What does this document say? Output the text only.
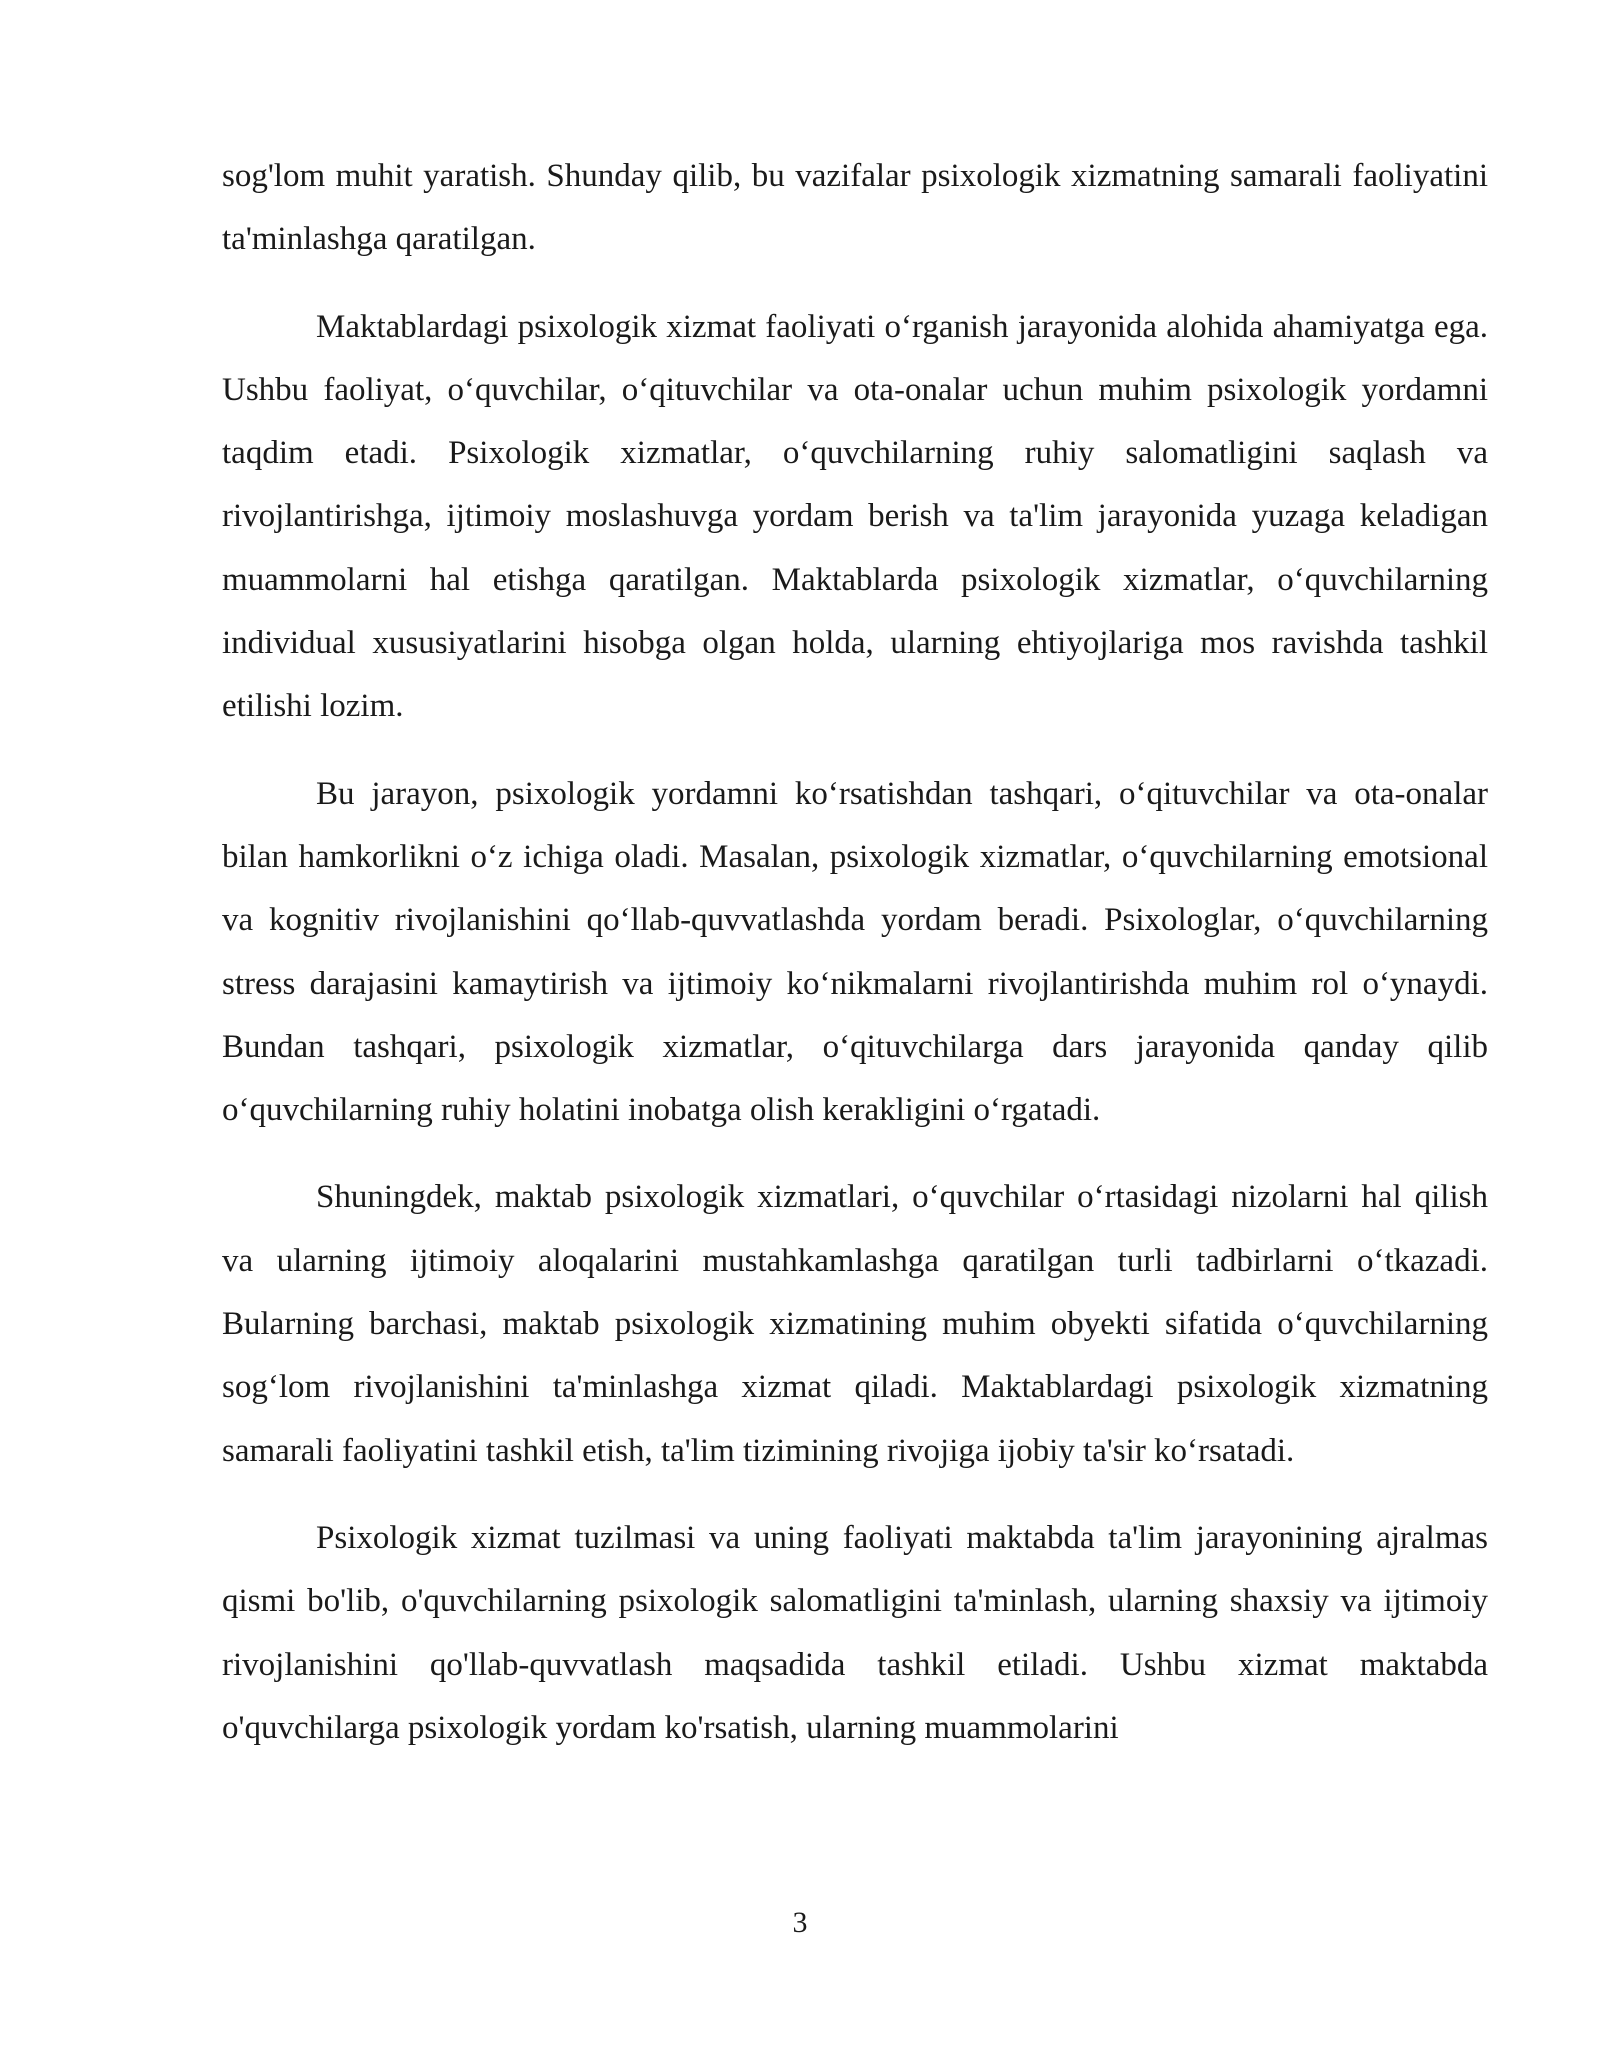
sog'lom muhit yaratish. Shunday qilib, bu vazifalar psixologik xizmatning samarali faoliyatini ta'minlashga qaratilgan.

Maktablardagi psixologik xizmat faoliyati o‘rganish jarayonida alohida ahamiyatga ega. Ushbu faoliyat, o‘quvchilar, o‘qituvchilar va ota-onalar uchun muhim psixologik yordamni taqdim etadi. Psixologik xizmatlar, o‘quvchilarning ruhiy salomatligini saqlash va rivojlantirishga, ijtimoiy moslashuvga yordam berish va ta'lim jarayonida yuzaga keladigan muammolarni hal etishga qaratilgan. Maktablarda psixologik xizmatlar, o‘quvchilarning individual xususiyatlarini hisobga olgan holda, ularning ehtiyojlariga mos ravishda tashkil etilishi lozim.

Bu jarayon, psixologik yordamni ko‘rsatishdan tashqari, o‘qituvchilar va ota-onalar bilan hamkorlikni o‘z ichiga oladi. Masalan, psixologik xizmatlar, o‘quvchilarning emotsional va kognitiv rivojlanishini qo‘llab-quvvatlashda yordam beradi. Psixologlar, o‘quvchilarning stress darajasini kamaytirish va ijtimoiy ko‘nikmalarni rivojlantirishda muhim rol o‘ynaydi. Bundan tashqari, psixologik xizmatlar, o‘qituvchilarga dars jarayonida qanday qilib o‘quvchilarning ruhiy holatini inobatga olish kerakligini o‘rgatadi.

Shuningdek, maktab psixologik xizmatlari, o‘quvchilar o‘rtasidagi nizolarni hal qilish va ularning ijtimoiy aloqalarini mustahkamlashga qaratilgan turli tadbirlarni o‘tkazadi. Bularning barchasi, maktab psixologik xizmatining muhim obyekti sifatida o‘quvchilarning sog‘lom rivojlanishini ta'minlashga xizmat qiladi. Maktablardagi psixologik xizmatning samarali faoliyatini tashkil etish, ta'lim tizimining rivojiga ijobiy ta'sir ko‘rsatadi.

Psixologik xizmat tuzilmasi va uning faoliyati maktabda ta'lim jarayonining ajralmas qismi bo'lib, o'quvchilarning psixologik salomatligini ta'minlash, ularning shaxsiy va ijtimoiy rivojlanishini qo'llab-quvvatlash maqsadida tashkil etiladi. Ushbu xizmat maktabda o'quvchilarga psixologik yordam ko'rsatish, ularning muammolarini

3
